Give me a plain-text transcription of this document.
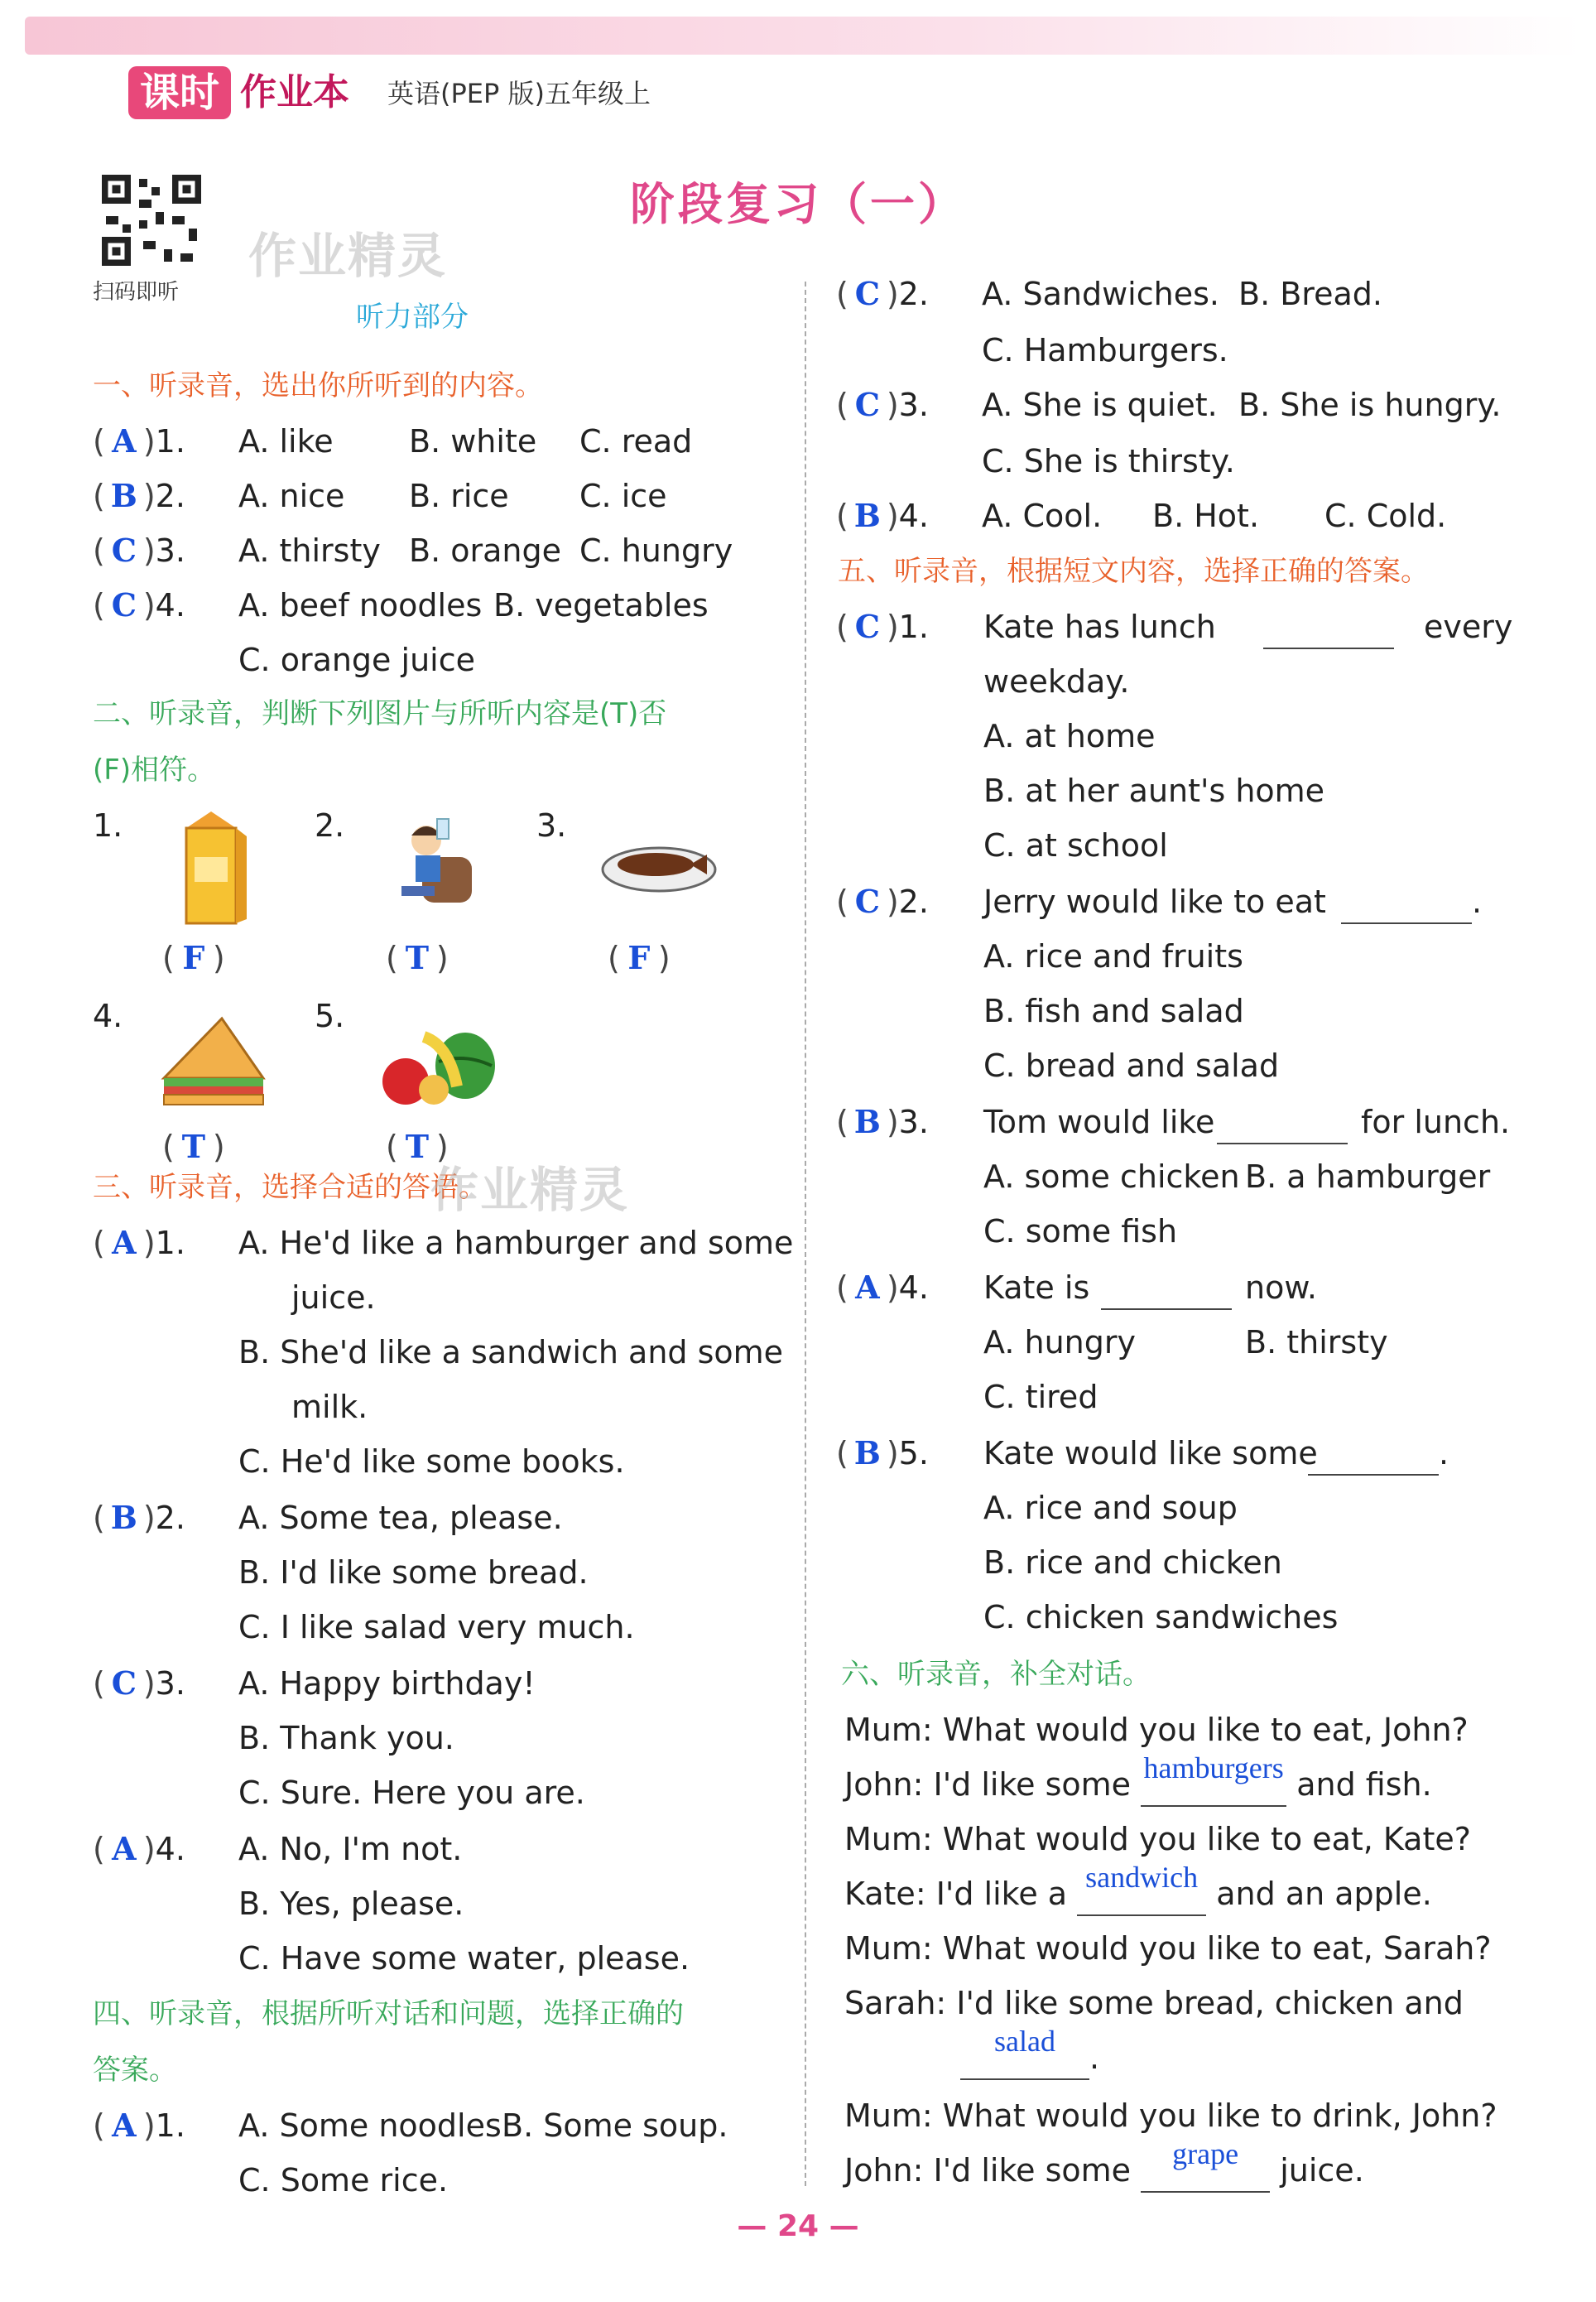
课时 作业本 英语(PEP 版)五年级上
扫码即听
作业精灵
阶段复习（一）
听力部分
一、听录音，选出你所听到的内容。
( A )1. A. like B. white C. read
( B )2. A. nice B. rice C. ice
( C )3. A. thirsty B. orange C. hungry
( C )4. A. beef noodles B. vegetables
C. orange juice
二、听录音，判断下列图片与所听内容是(T)否
(F)相符。
1.
( F )
2.
( T )
3.
( F )
4.
( T )
5.
( T )
三、听录音，选择合适的答语。
作业精灵
( A )1. A. He'd like a hamburger and some
juice.
B. She'd like a sandwich and some
milk.
C. He'd like some books.
( B )2. A. Some tea, please.
B. I'd like some bread.
C. I like salad very much.
( C )3. A. Happy birthday!
B. Thank you.
C. Sure. Here you are.
( A )4. A. No, I'm not.
B. Yes, please.
C. Have some water, please.
四、听录音，根据所听对话和问题，选择正确的
答案。
( A )1. A. Some noodles.
B. Some soup.
C. Some rice.
( C )2. A. Sandwiches. B. Bread.
C. Hamburgers.
( C )3. A. She is quiet. B. She is hungry.
C. She is thirsty.
( B )4. A. Cool. B. Hot. C. Cold.
五、听录音，根据短文内容，选择正确的答案。
( C )1. Kate has lunch
	every
weekday.
A. at home
B. at her aunt's home
C. at school
( C )2. Jerry would like to eat	.
A. rice and fruits
B. fish and salad
C. bread and salad
( B )3. Tom would like
	for lunch.
A. some chicken B. a hamburger
C. some fish
( A )4. Kate is
	now.
A. hungry	B. thirsty
C. tired
( B )5. Kate would like some	.
A. rice and soup
B. rice and chicken
C. chicken sandwiches
六、听录音，补全对话。
Mum: What would you like to eat, John?
John: I'd like some hamburgers and fish.
Mum: What would you like to eat, Kate?
Kate: I'd like a sandwich and an apple.
Mum: What would you like to eat, Sarah?
Sarah: I'd like some bread, chicken and
salad	.
Mum: What would you like to drink, John?
John: I'd like some	grape	juice.
— 24 —
